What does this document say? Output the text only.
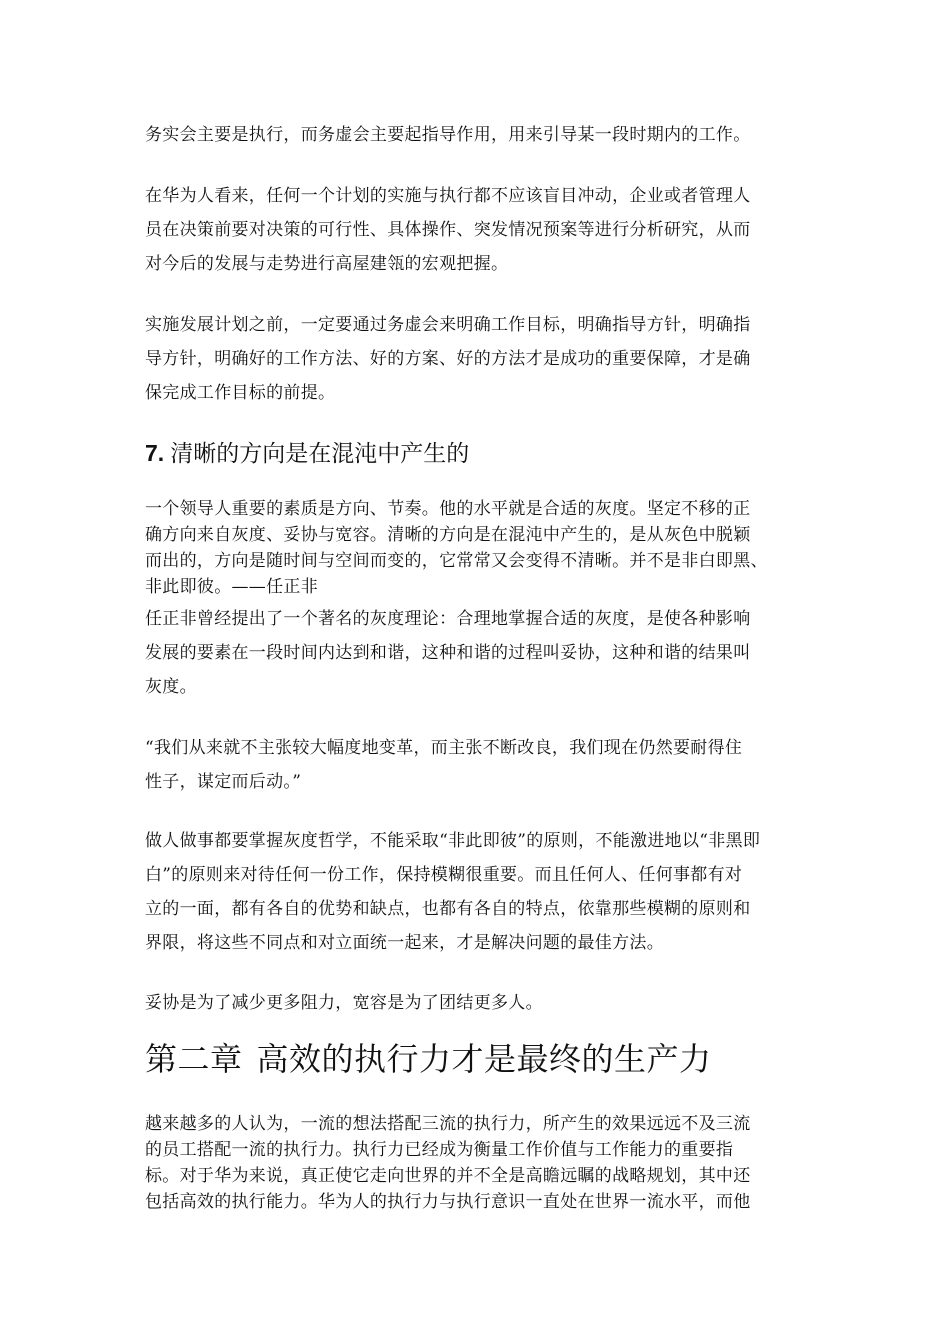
务实会主要是执行，而务虚会主要起指导作用，用来引导某一段时期内的工作。
在华为人看来，任何一个计划的实施与执行都不应该盲目冲动，企业或者管理人
员在决策前要对决策的可行性、具体操作、突发情况预案等进行分析研究，从而
对今后的发展与走势进行高屋建瓴的宏观把握。
实施发展计划之前，一定要通过务虚会来明确工作目标，明确指导方针，明确指
导方针，明确好的工作方法、好的方案、好的方法才是成功的重要保障，才是确
保完成工作目标的前提。
7. 清晰的方向是在混沌中产生的
一个领导人重要的素质是方向、节奏。他的水平就是合适的灰度。坚定不移的正
确方向来自灰度、妥协与宽容。清晰的方向是在混沌中产生的，是从灰色中脱颖
而出的，方向是随时间与空间而变的，它常常又会变得不清晰。并不是非白即黑、
非此即彼。——任正非
任正非曾经提出了一个著名的灰度理论：合理地掌握合适的灰度，是使各种影响
发展的要素在一段时间内达到和谐，这种和谐的过程叫妥协，这种和谐的结果叫
灰度。
“我们从来就不主张较大幅度地变革，而主张不断改良，我们现在仍然要耐得住
性子，谋定而后动。”
做人做事都要掌握灰度哲学，不能采取“非此即彼”的原则，不能激进地以“非黑即
白”的原则来对待任何一份工作，保持模糊很重要。而且任何人、任何事都有对
立的一面，都有各自的优势和缺点，也都有各自的特点，依靠那些模糊的原则和
界限，将这些不同点和对立面统一起来，才是解决问题的最佳方法。
妥协是为了减少更多阻力，宽容是为了团结更多人。
第二章 高效的执行力才是最终的生产力
越来越多的人认为，一流的想法搭配三流的执行力，所产生的效果远远不及三流
的员工搭配一流的执行力。执行力已经成为衡量工作价值与工作能力的重要指
标。对于华为来说，真正使它走向世界的并不全是高瞻远瞩的战略规划，其中还
包括高效的执行能力。华为人的执行力与执行意识一直处在世界一流水平，而他
